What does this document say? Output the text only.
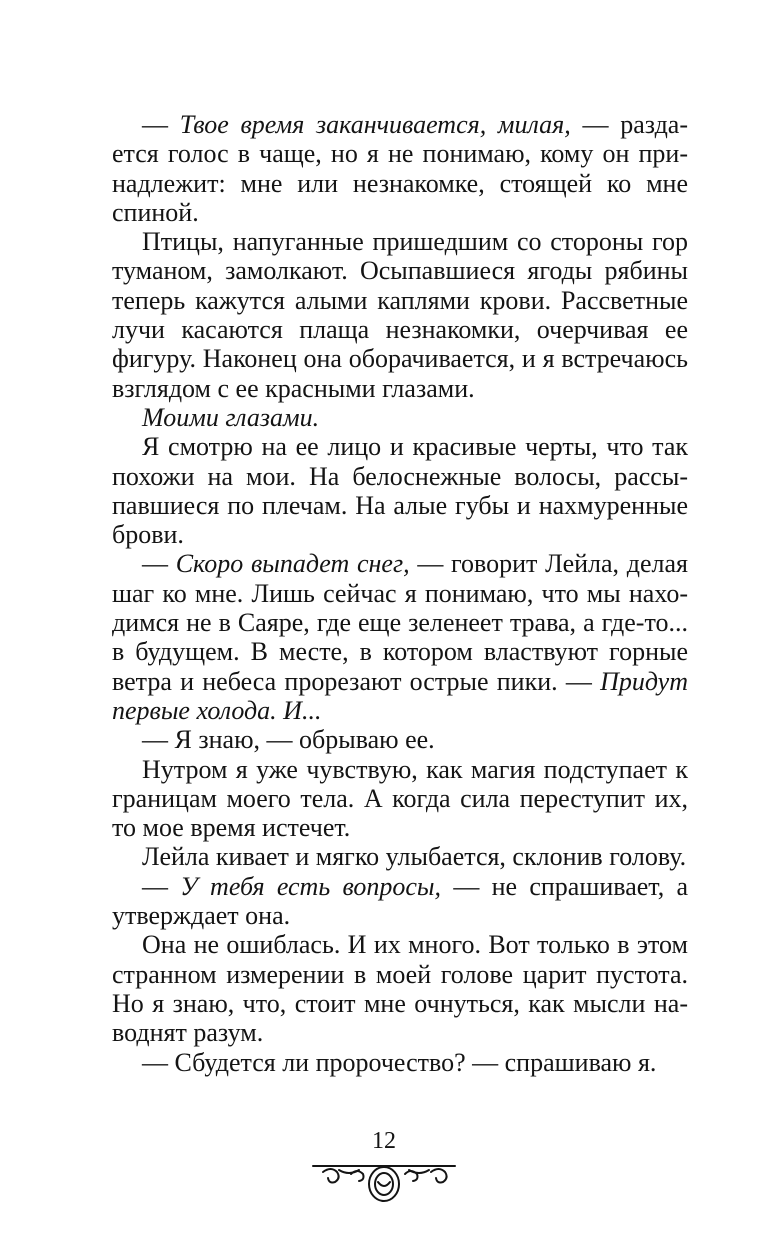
— Твое время заканчивается, милая, — раздается голос в чаще, но я не понимаю, кому он принадлежит: мне или незнакомке, стоящей ко мне спиной.

Птицы, напуганные пришедшим со стороны гор туманом, замолкают. Осыпавшиеся ягоды рябины теперь кажутся алыми каплями крови. Рассветные лучи касаются плаща незнакомки, очерчивая ее фигуру. Наконец она оборачивается, и я встречаюсь взглядом с ее красными глазами.

Моими глазами.

Я смотрю на ее лицо и красивые черты, что так похожи на мои. На белоснежные волосы, рассыпавшиеся по плечам. На алые губы и нахмуренные брови.

— Скоро выпадет снег, — говорит Лейла, делая шаг ко мне. Лишь сейчас я понимаю, что мы находимся не в Саяре, где еще зеленеет трава, а где-то... в будущем. В месте, в котором властвуют горные ветра и небеса прорезают острые пики. — Придут первые холода. И...

— Я знаю, — обрываю ее.

Нутром я уже чувствую, как магия подступает к границам моего тела. А когда сила переступит их, то мое время истечет.

Лейла кивает и мягко улыбается, склонив голову.

— У тебя есть вопросы, — не спрашивает, а утверждает она.

Она не ошиблась. И их много. Вот только в этом странном измерении в моей голове царит пустота. Но я знаю, что, стоит мне очнуться, как мысли наводнят разум.

— Сбудется ли пророчество? — спрашиваю я.

12
